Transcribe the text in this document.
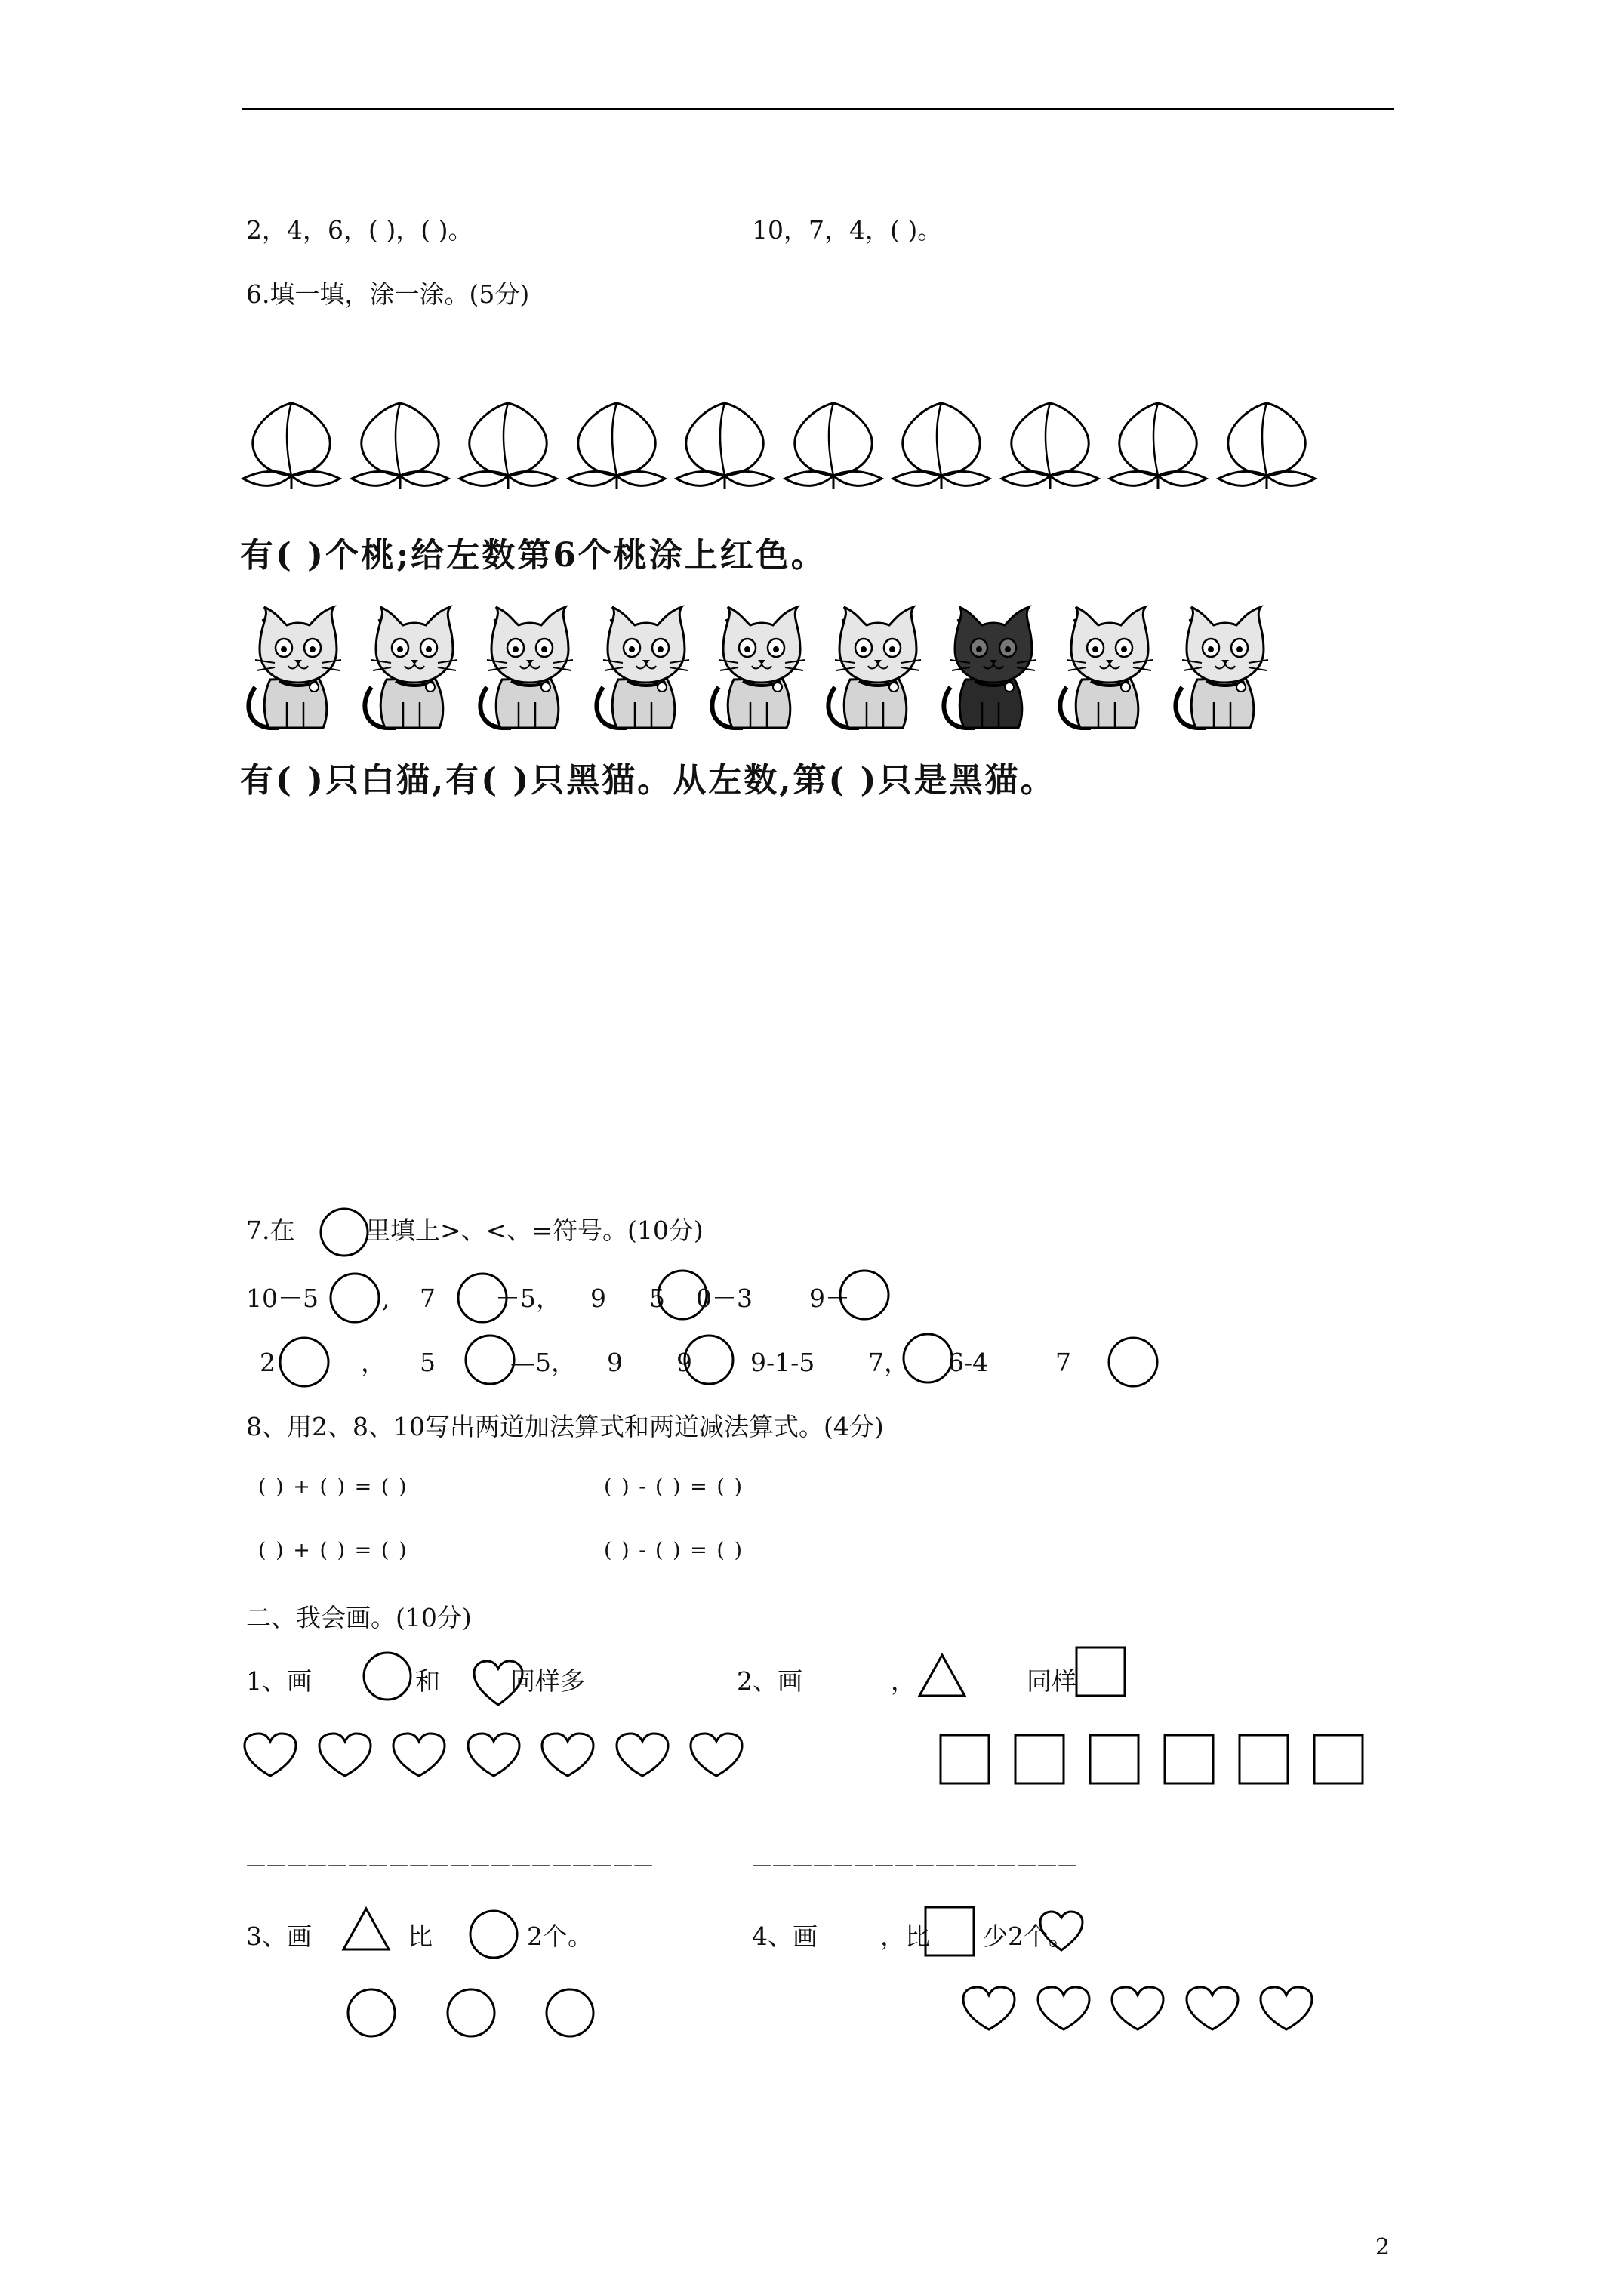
2，4，6，( )，( )。	10，7，4，( )。
6.填一填，涂一涂。(5分)
有( )个桃;给左数第6个桃涂上红色。
有( )只白猫,有( )只黑猫。从左数,第( )只是黑猫。
7.在	里填上>、<、=符号。(10分)
10－5	, 7 －5， 9 5 0－3 9－
2	， 5	—5， 9 9 9-1-5 7， 6-4	7
8、用2、8、10写出两道加法算式和两道减法算式。(4分)
( ) + ( ) = ( )	( ) - ( ) = ( )
( ) + ( ) = ( )	( ) - ( ) = ( )
二、我会画。(10分)
1、画	和	同样多	2、画	，	同样
————————————————————	————————————————
3、画	比	2个。	4、画	，比 少2个。
2
